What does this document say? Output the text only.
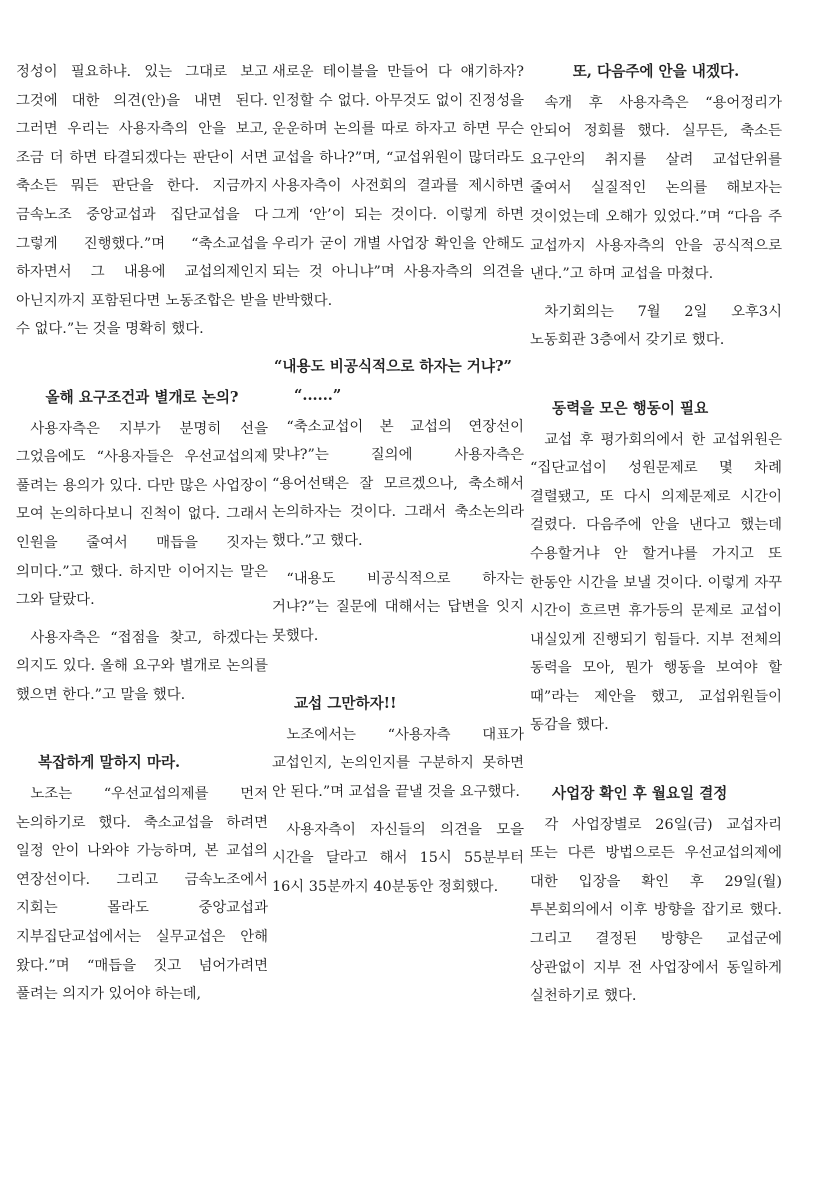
정성이 필요하냐. 있는 그대로 보고 그것에 대한 의견(안)을 내면 된다. 그러면 우리는 사용자측의 안을 보고, 조금 더 하면 타결되겠다는 판단이 서면 축소든 뭐든 판단을 한다. 지금까지 금속노조 중앙교섭과 집단교섭을 다 그렇게 진행했다.”며 “축소교섭을 하자면서 그 내용에 교섭의제인지 아닌지까지 포함된다면 노동조합은 받을 수 없다.”는 것을 명확히 했다.

올해 요구조건과 별개로 논의?

사용자측은 지부가 분명히 선을 그었음에도 “사용자들은 우선교섭의제 풀려는 용의가 있다. 다만 많은 사업장이 모여 논의하다보니 진척이 없다. 그래서 인원을 줄여서 매듭을 짓자는 의미다.”고 했다. 하지만 이어지는 말은 그와 달랐다.

사용자측은 “접점을 찾고, 하겠다는 의지도 있다. 올해 요구와 별개로 논의를 했으면 한다.”고 말을 했다.

복잡하게 말하지 마라.

노조는 “우선교섭의제를 먼저 논의하기로 했다. 축소교섭을 하려면 일정 안이 나와야 가능하며, 본 교섭의 연장선이다. 그리고 금속노조에서 지회는 몰라도 중앙교섭과 지부집단교섭에서는 실무교섭은 안해 왔다.”며 “매듭을 짓고 넘어가려면 풀려는 의지가 있어야 하는데,

새로운 테이블을 만들어 다 얘기하자? 인정할 수 없다. 아무것도 없이 진정성을 운운하며 논의를 따로 하자고 하면 무슨 교섭을 하나?”며, “교섭위원이 많더라도 사용자측이 사전회의 결과를 제시하면 그게 ‘안’이 되는 것이다. 이렇게 하면 우리가 굳이 개별 사업장 확인을 안해도 되는 것 아니냐”며 사용자측의 의견을 반박했다.

“내용도 비공식적으로 하자는 거냐?”
“......”

“축소교섭이 본 교섭의 연장선이 맞냐?”는 질의에 사용자측은 “용어선택은 잘 모르겠으나, 축소해서 논의하자는 것이다. 그래서 축소논의라 했다.”고 했다.

“내용도 비공식적으로 하자는 거냐?”는 질문에 대해서는 답변을 잇지 못했다.

교섭 그만하자!!

노조에서는 “사용자측 대표가 교섭인지, 논의인지를 구분하지 못하면 안 된다.”며 교섭을 끝낼 것을 요구했다.

사용자측이 자신들의 의견을 모을 시간을 달라고 해서 15시 55분부터 16시 35분까지 40분동안 정회했다.

또, 다음주에 안을 내겠다.

속개 후 사용자측은 “용어정리가 안되어 정회를 했다. 실무든, 축소든 요구안의 취지를 살려 교섭단위를 줄여서 실질적인 논의를 해보자는 것이었는데 오해가 있었다.”며 “다음 주 교섭까지 사용자측의 안을 공식적으로 낸다.”고 하며 교섭을 마쳤다.

차기회의는 7월 2일 오후3시 노동회관 3층에서 갖기로 했다.

동력을 모은 행동이 필요

교섭 후 평가회의에서 한 교섭위원은 “집단교섭이 성원문제로 몇 차례 결렬됐고, 또 다시 의제문제로 시간이 걸렸다. 다음주에 안을 낸다고 했는데 수용할거냐 안 할거냐를 가지고 또 한동안 시간을 보낼 것이다. 이렇게 자꾸 시간이 흐르면 휴가등의 문제로 교섭이 내실있게 진행되기 힘들다. 지부 전체의 동력을 모아, 뭔가 행동을 보여야 할 때”라는 제안을 했고, 교섭위원들이 동감을 했다.

사업장 확인 후 월요일 결정

각 사업장별로 26일(금) 교섭자리 또는 다른 방법으로든 우선교섭의제에 대한 입장을 확인 후 29일(월) 투본회의에서 이후 방향을 잡기로 했다. 그리고 결정된 방향은 교섭군에 상관없이 지부 전 사업장에서 동일하게 실천하기로 했다.
